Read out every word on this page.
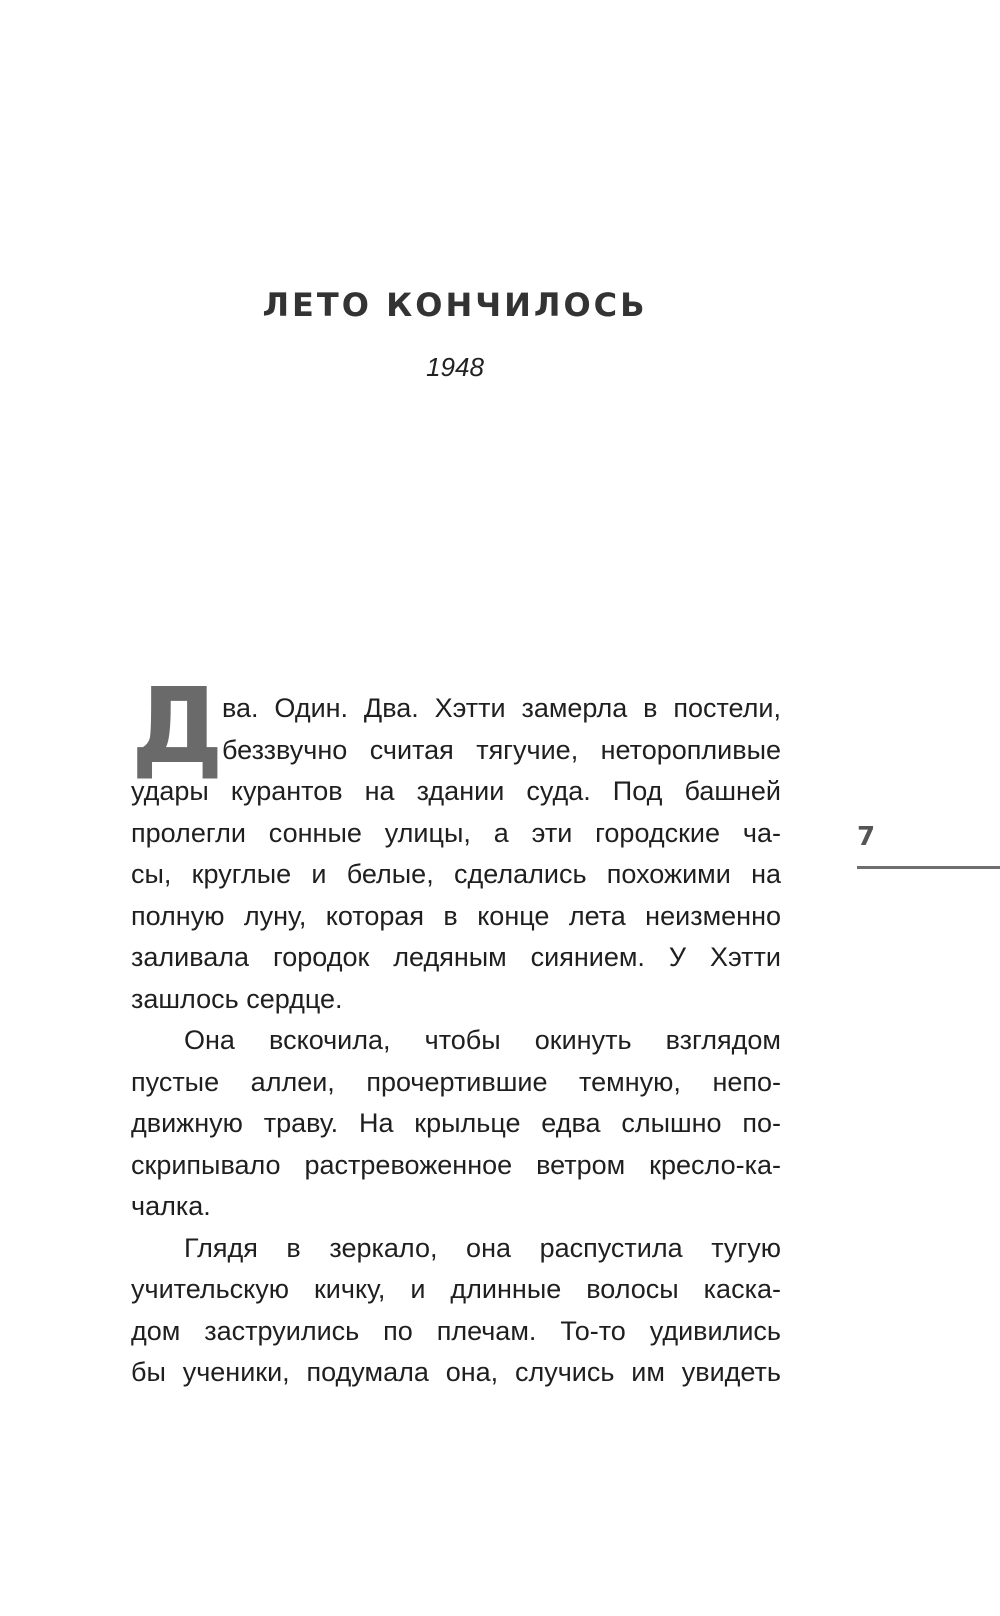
ЛЕТО КОНЧИЛОСЬ
1948
Д
ва. Один. Два. Хэтти замерла в постели,
беззвучно считая тягучие, неторопливые
удары курантов на здании суда. Под башней
пролегли сонные улицы, а эти городские ча-
сы, круглые и белые, сделались похожими на
полную луну, которая в конце лета неизменно
заливала городок ледяным сиянием. У Хэтти
зашлось сердце.
Она вскочила, чтобы окинуть взглядом
пустые аллеи, прочертившие темную, непо-
движную траву. На крыльце едва слышно по-
скрипывало растревоженное ветром кресло-ка-
чалка.
Глядя в зеркало, она распустила тугую
учительскую кичку, и длинные волосы каска-
дом заструились по плечам. То-то удивились
бы ученики, подумала она, случись им увидеть
7
